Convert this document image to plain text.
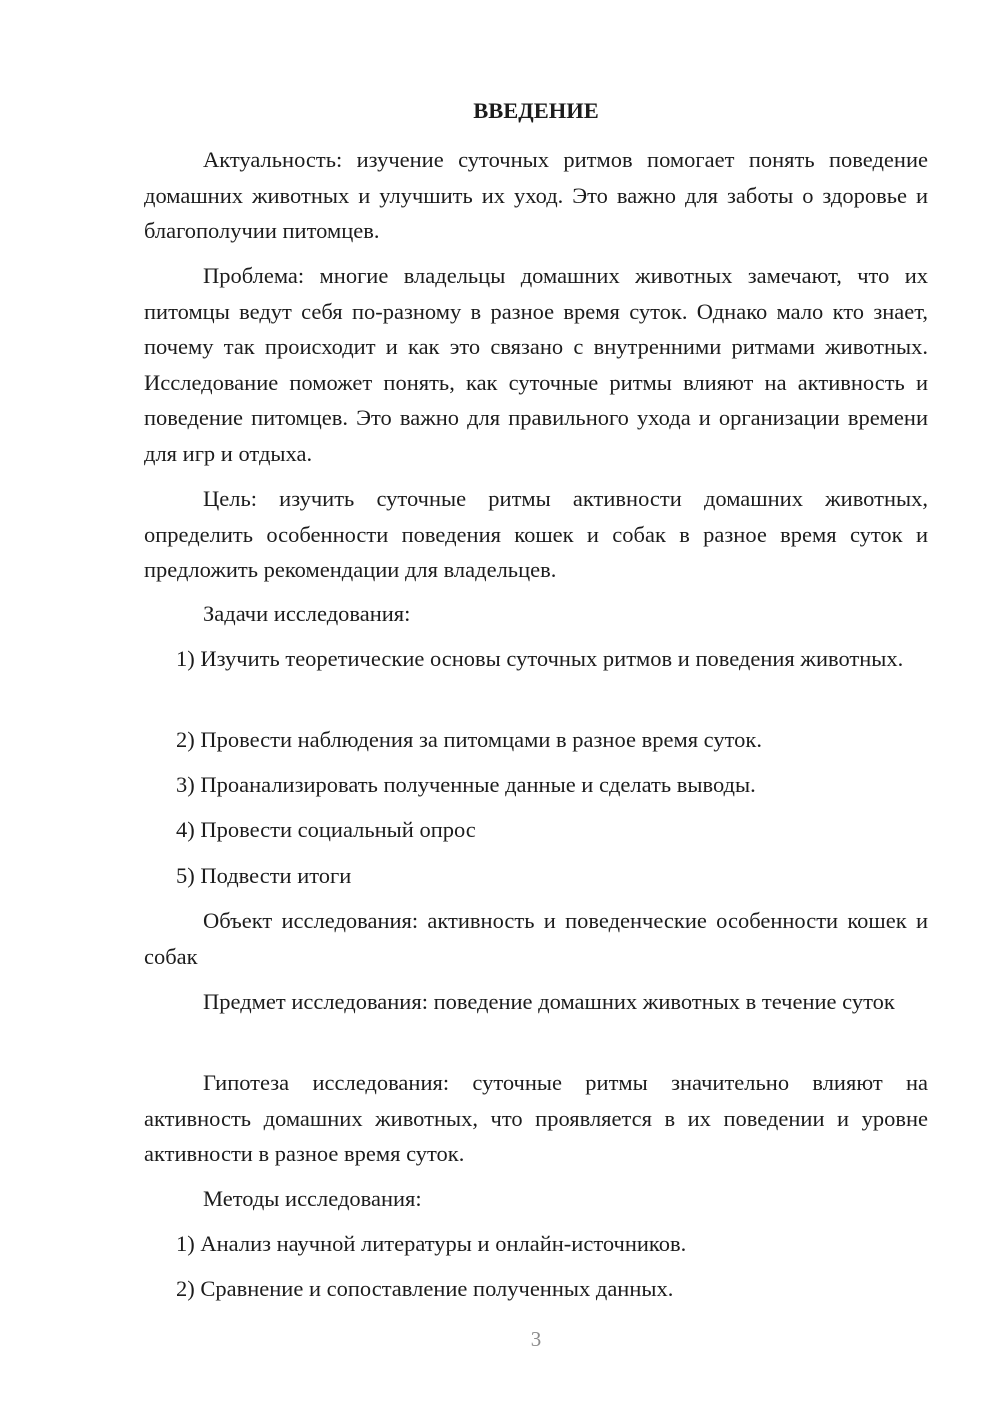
ВВЕДЕНИЕ
Актуальность: изучение суточных ритмов помогает понять поведение домашних животных и улучшить их уход. Это важно для заботы о здоровье и благополучии питомцев.
Проблема: многие владельцы домашних животных замечают, что их питомцы ведут себя по-разному в разное время суток. Однако мало кто знает, почему так происходит и как это связано с внутренними ритмами животных. Исследование поможет понять, как суточные ритмы влияют на активность и поведение питомцев. Это важно для правильного ухода и организации времени для игр и отдыха.
Цель: изучить суточные ритмы активности домашних животных, определить особенности поведения кошек и собак в разное время суток и предложить рекомендации для владельцев.
Задачи исследования:
1) Изучить теоретические основы суточных ритмов и поведения животных.
2) Провести наблюдения за питомцами в разное время суток.
3) Проанализировать полученные данные и сделать выводы.
4) Провести социальный опрос
5) Подвести итоги
Объект исследования: активность и поведенческие особенности кошек и собак
Предмет исследования: поведение домашних животных в течение суток
Гипотеза исследования: суточные ритмы значительно влияют на активность домашних животных, что проявляется в их поведении и уровне активности в разное время суток.
Методы исследования:
1) Анализ научной литературы и онлайн-источников.
2) Сравнение и сопоставление полученных данных.
3
